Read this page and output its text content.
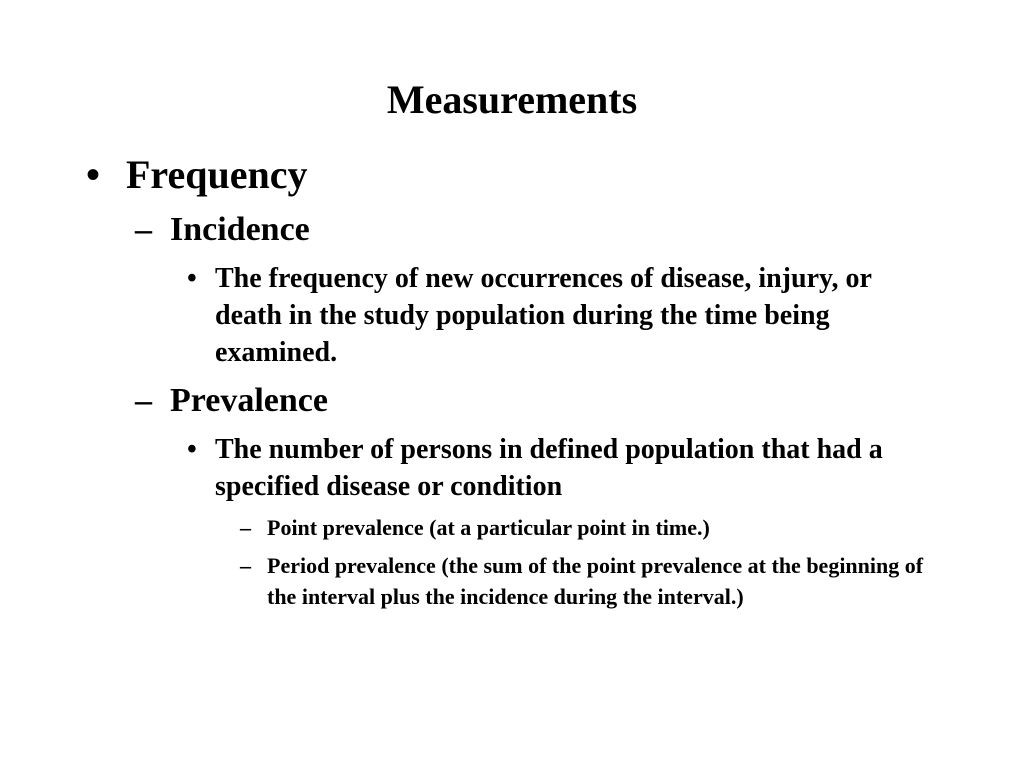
Measurements
• Frequency
– Incidence
• The frequency of new occurrences of disease, injury, or death in the study population during the time being examined.
– Prevalence
• The number of persons in defined population that had a specified disease or condition
– Point prevalence (at a particular point in time.)
– Period prevalence (the sum of the point prevalence at the beginning of the interval plus the incidence during the interval.)
